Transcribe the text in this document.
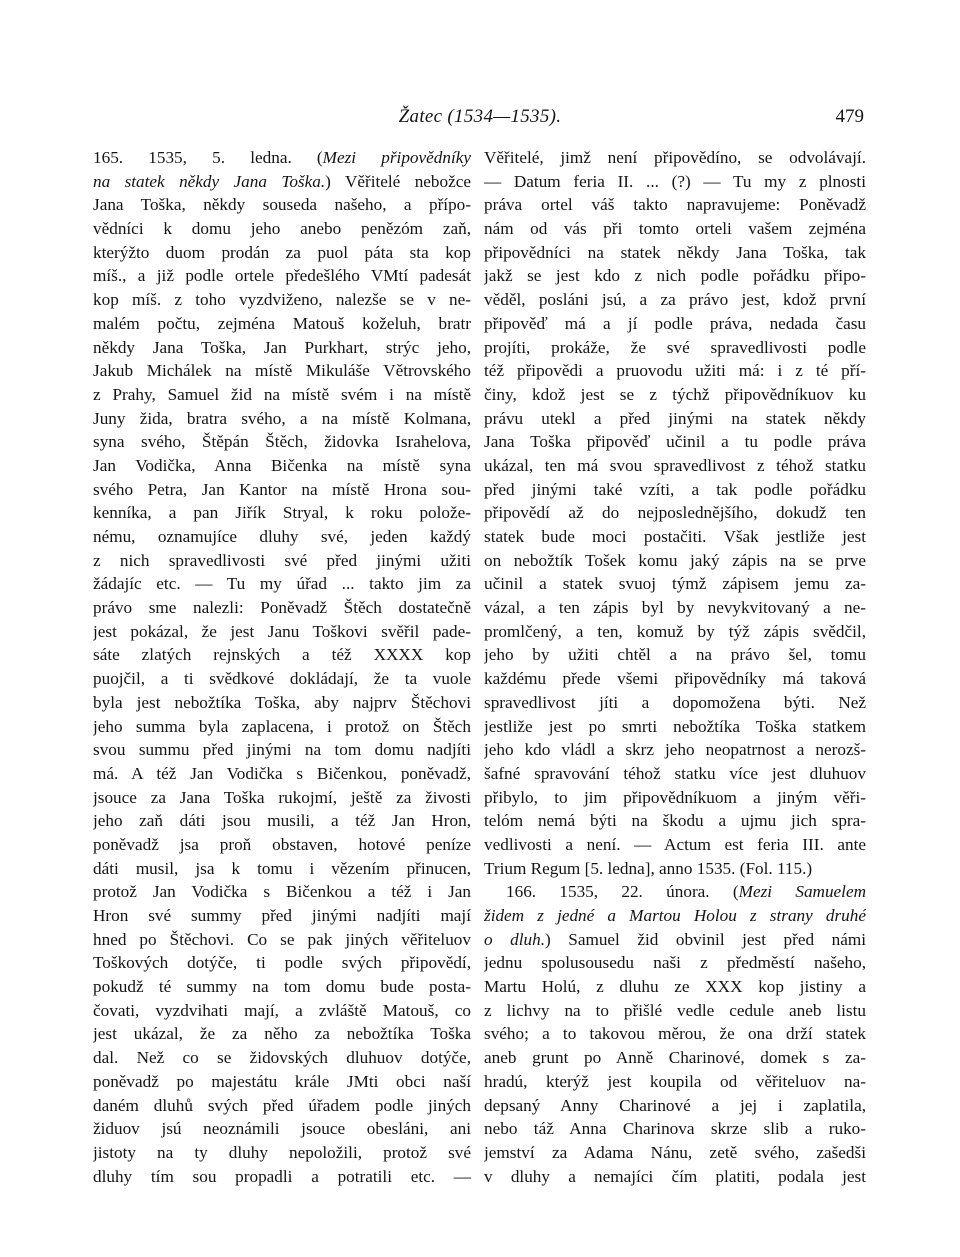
Žatec (1534—1535).	479
165. 1535, 5. ledna. (Mezi připovědníky
na statek někdy Jana Toška.) Věřitelé nebožce
Jana Toška, někdy souseda našeho, a přípo-
vědníci k domu jeho anebo penězóm zaň,
kterýžto duom prodán za puol páta sta kop
míš., a již podle ortele předešlého VMtí padesát
kop míš. z toho vyzdviženo, nalezše se v ne-
malém počtu, zejména Matouš koželuh, bratr
někdy Jana Toška, Jan Purkhart, strýc jeho,
Jakub Michálek na místě Mikuláše Větrovského
z Prahy, Samuel žid na místě svém i na místě
Juny žida, bratra svého, a na místě Kolmana,
syna svého, Štěpán Štěch, židovka Israhelova,
Jan Vodička, Anna Bičenka na místě syna
svého Petra, Jan Kantor na místě Hrona sou-
kenníka, a pan Jiřík Stryal, k roku polože-
nému, oznamujíce dluhy své, jeden každý
z nich spravedlivosti své před jinými užiti
žádajíc etc. — Tu my úřad ... takto jim za
právo sme nalezli: Poněvadž Štěch dostatečně
jest pokázal, že jest Janu Toškovi svěřil pade-
sáte zlatých rejnských a též XXXX kop
puojčil, a ti svědkové dokládají, že ta vuole
byla jest nebožtíka Toška, aby najprv Štěchovi
jeho summa byla zaplacena, i protož on Štěch
svou summu před jinými na tom domu nadjíti
má. A též Jan Vodička s Bičenkou, poněvadž,
jsouce za Jana Toška rukojmí, ještě za živosti
jeho zaň dáti jsou musili, a též Jan Hron,
poněvadž jsa proň obstaven, hotové peníze
dáti musil, jsa k tomu i vězením přinucen,
protož Jan Vodička s Bičenkou a též i Jan
Hron své summy před jinými nadjíti mají
hned po Štěchovi. Co se pak jiných věřiteluov
Toškových dotýče, ti podle svých připovědí,
pokudž té summy na tom domu bude posta-
čovati, vyzdvihati mají, a zvláště Matouš, co
jest ukázal, že za něho za nebožtíka Toška
dal. Než co se židovských dluhuov dotýče,
poněvadž po majestátu krále JMti obci naší
daném dluhů svých před úřadem podle jiných
židuov jsú neoznámili jsouce obesláni, ani
jistoty na ty dluhy nepoložili, protož své
dluhy tím sou propadli a potratili etc. —
Věřitelé, jimž není připovědíno, se odvolávají.
— Datum feria II. ... (?) — Tu my z plnosti
práva ortel váš takto napravujeme: Poněvadž
nám od vás při tomto orteli vašem zejména
připovědníci na statek někdy Jana Toška, tak
jakž se jest kdo z nich podle pořádku připo-
věděl, posláni jsú, a za právo jest, kdož první
připověď má a jí podle práva, nedada času
projíti, prokáže, že své spravedlivosti podle
též připovědi a pruovodu užiti má: i z té pří-
činy, kdož jest se z týchž připovědníkuov ku
právu utekl a před jinými na statek někdy
Jana Toška připověď učinil a tu podle práva
ukázal, ten má svou spravedlivost z téhož statku
před jinými také vzíti, a tak podle pořádku
připovědí až do nejposlednějšího, dokudž ten
statek bude moci postačiti. Však jestliže jest
on nebožtík Tošek komu jaký zápis na se prve
učinil a statek svuoj týmž zápisem jemu za-
vázal, a ten zápis byl by nevykvitovaný a ne-
promlčený, a ten, komuž by týž zápis svědčil,
jeho by užiti chtěl a na právo šel, tomu
každému přede všemi připovědníky má taková
spravedlivost jíti a dopomožena býti. Než
jestliže jest po smrti nebožtíka Toška statkem
jeho kdo vládl a skrz jeho neopatrnost a nerozš-
šafné spravování téhož statku více jest dluhuov
přibylo, to jim připovědníkuom a jiným věři-
telóm nemá býti na škodu a ujmu jich spra-
vedlivosti a není. — Actum est feria III. ante
Trium Regum [5. ledna], anno 1535. (Fol. 115.)
166. 1535, 22. února. (Mezi Samuelem
židem z jedné a Martou Holou z strany druhé
o dluh.) Samuel žid obvinil jest před námi
jednu spolusousedu naši z předměstí našeho,
Martu Holú, z dluhu ze XXX kop jistiny a
z lichvy na to přišlé vedle cedule aneb listu
svého; a to takovou měrou, že ona drží statek
aneb grunt po Anně Charinové, domek s za-
hradú, kterýž jest koupila od věřiteluov na-
depsaný Anny Charinové a jej i zaplatila,
nebo táž Anna Charinova skrze slib a ruko-
jemství za Adama Nánu, zetě svého, zašedši
v dluhy a nemajíci čím platiti, podala jest
